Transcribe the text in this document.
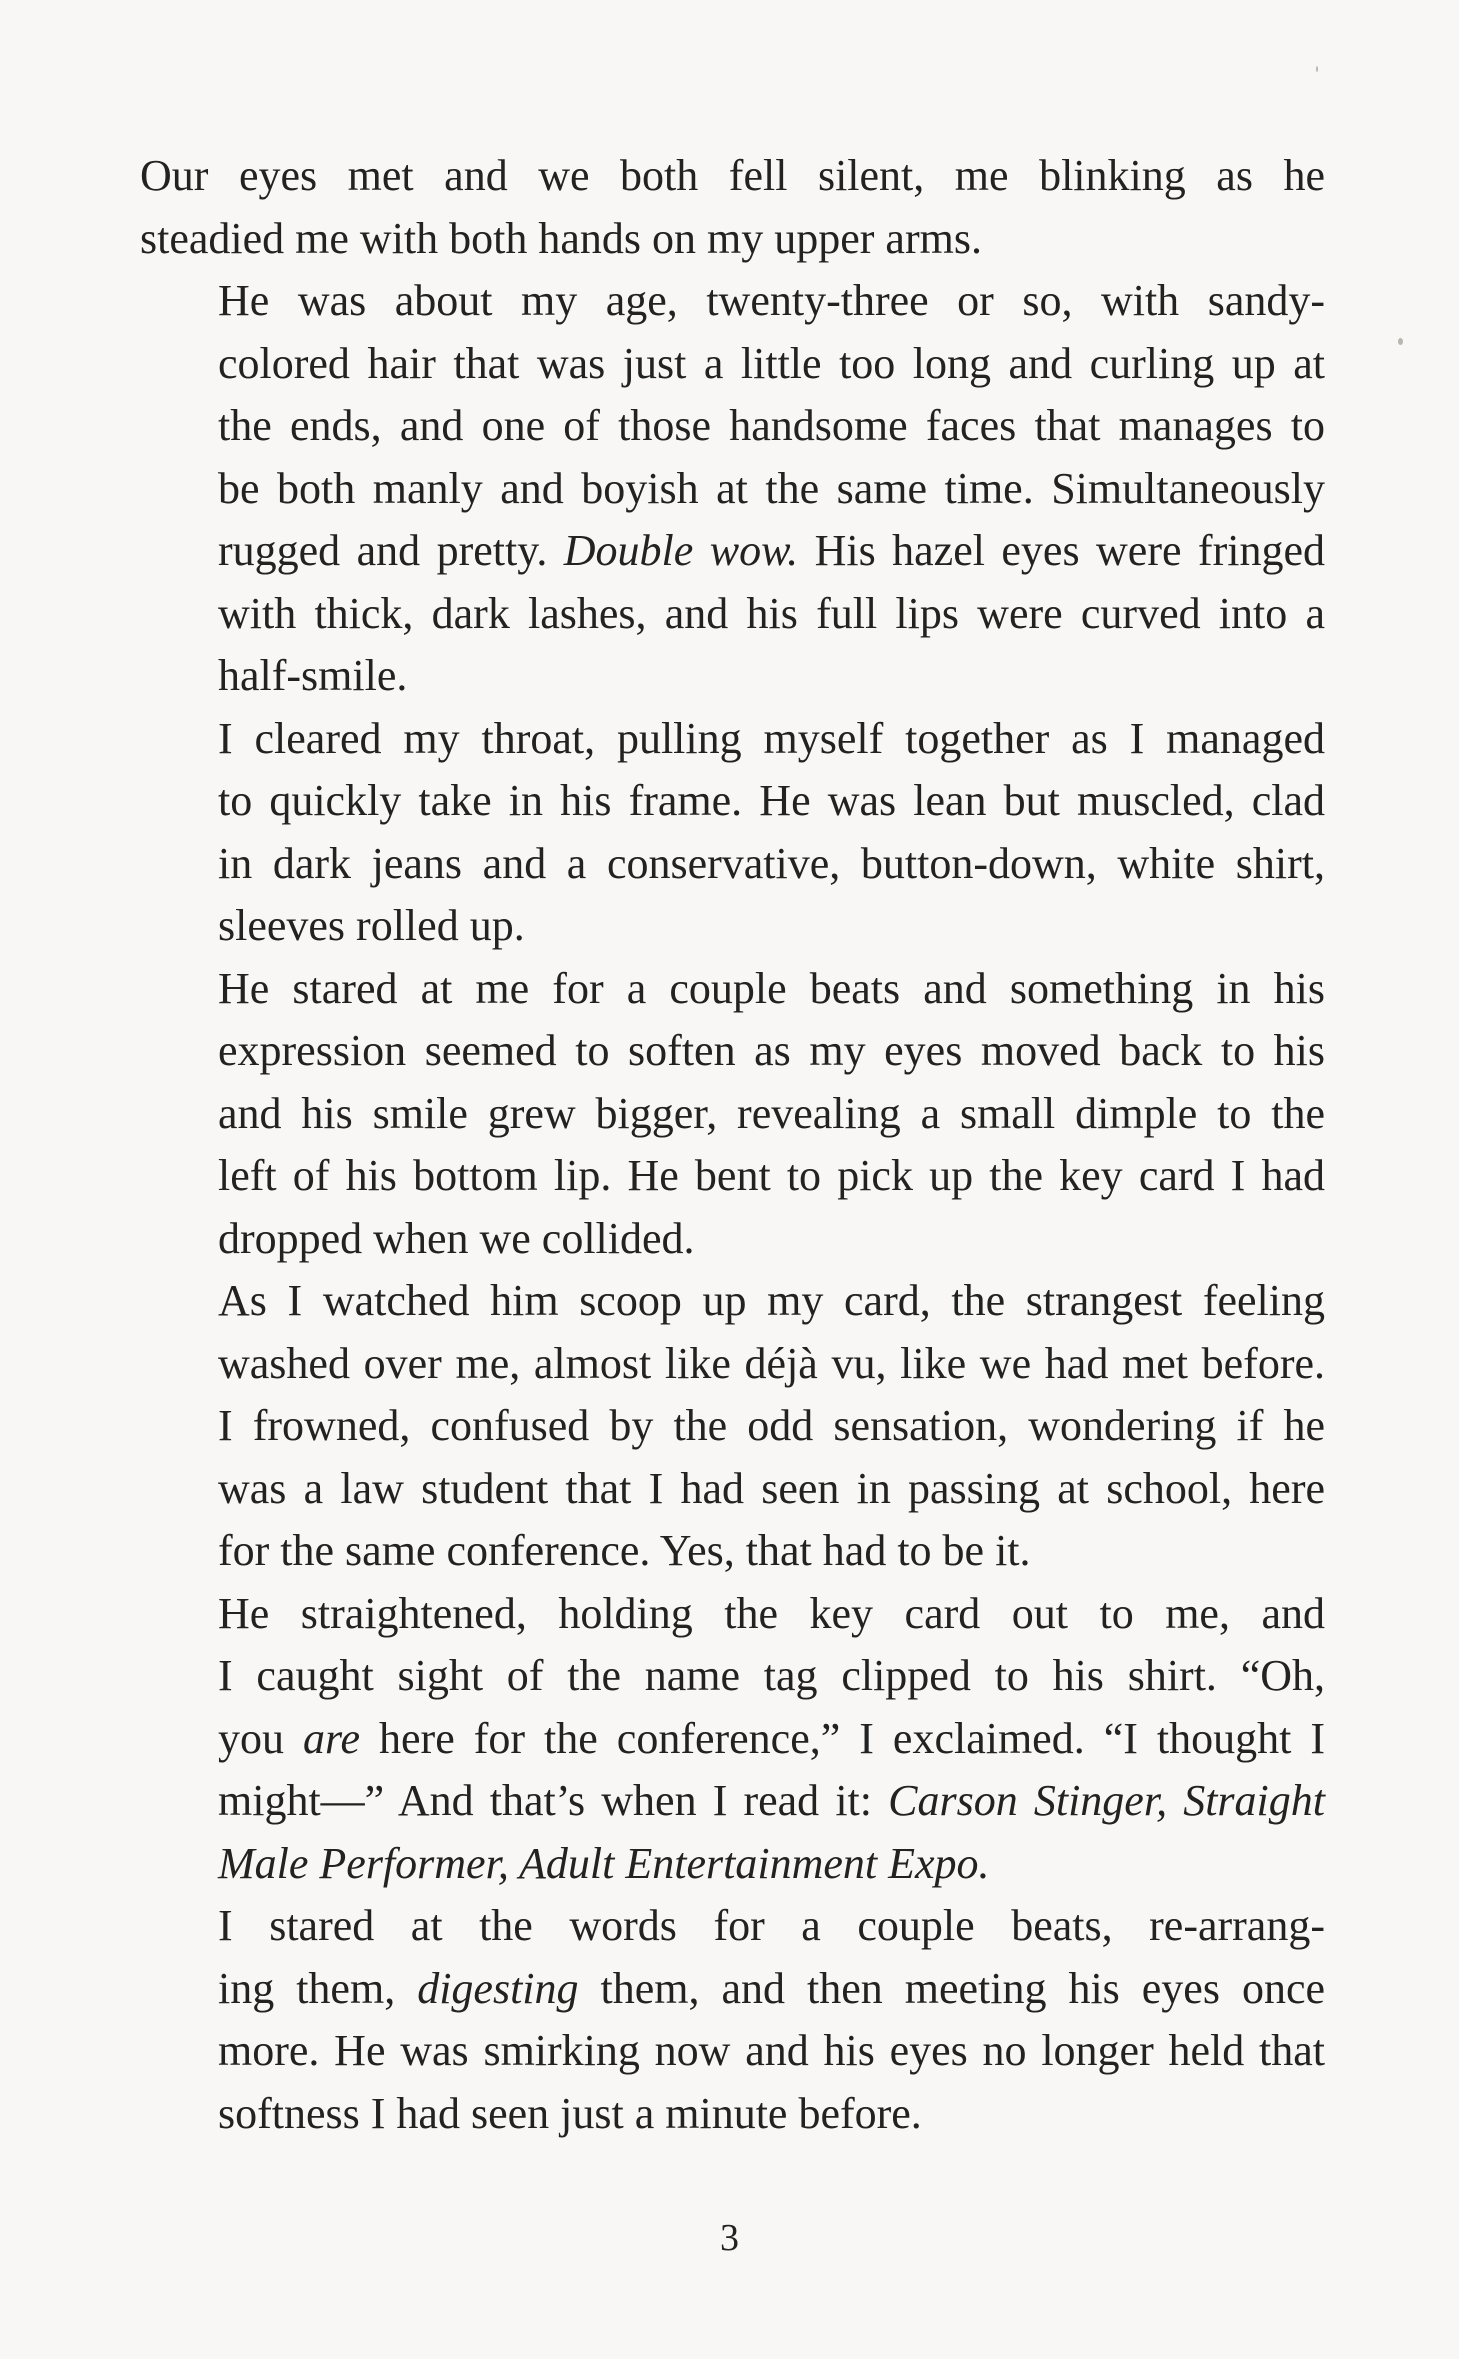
Our eyes met and we both fell silent, me blinking as he
steadied me with both hands on my upper arms.

He was about my age, twenty-three or so, with sandy-
colored hair that was just a little too long and curling up at
the ends, and one of those handsome faces that manages to
be both manly and boyish at the same time. Simultaneously
rugged and pretty. Double wow. His hazel eyes were fringed
with thick, dark lashes, and his full lips were curved into a
half-smile.

I cleared my throat, pulling myself together as I managed
to quickly take in his frame. He was lean but muscled, clad
in dark jeans and a conservative, button-down, white shirt,
sleeves rolled up.

He stared at me for a couple beats and something in his
expression seemed to soften as my eyes moved back to his
and his smile grew bigger, revealing a small dimple to the
left of his bottom lip. He bent to pick up the key card I had
dropped when we collided.

As I watched him scoop up my card, the strangest feeling
washed over me, almost like déjà vu, like we had met before.
I frowned, confused by the odd sensation, wondering if he
was a law student that I had seen in passing at school, here
for the same conference. Yes, that had to be it.

He straightened, holding the key card out to me, and
I caught sight of the name tag clipped to his shirt. “Oh,
you are here for the conference,” I exclaimed. “I thought I
might—” And that’s when I read it: Carson Stinger, Straight
Male Performer, Adult Entertainment Expo.

I stared at the words for a couple beats, re-arrang-
ing them, digesting them, and then meeting his eyes once
more. He was smirking now and his eyes no longer held that
softness I had seen just a minute before.

3
